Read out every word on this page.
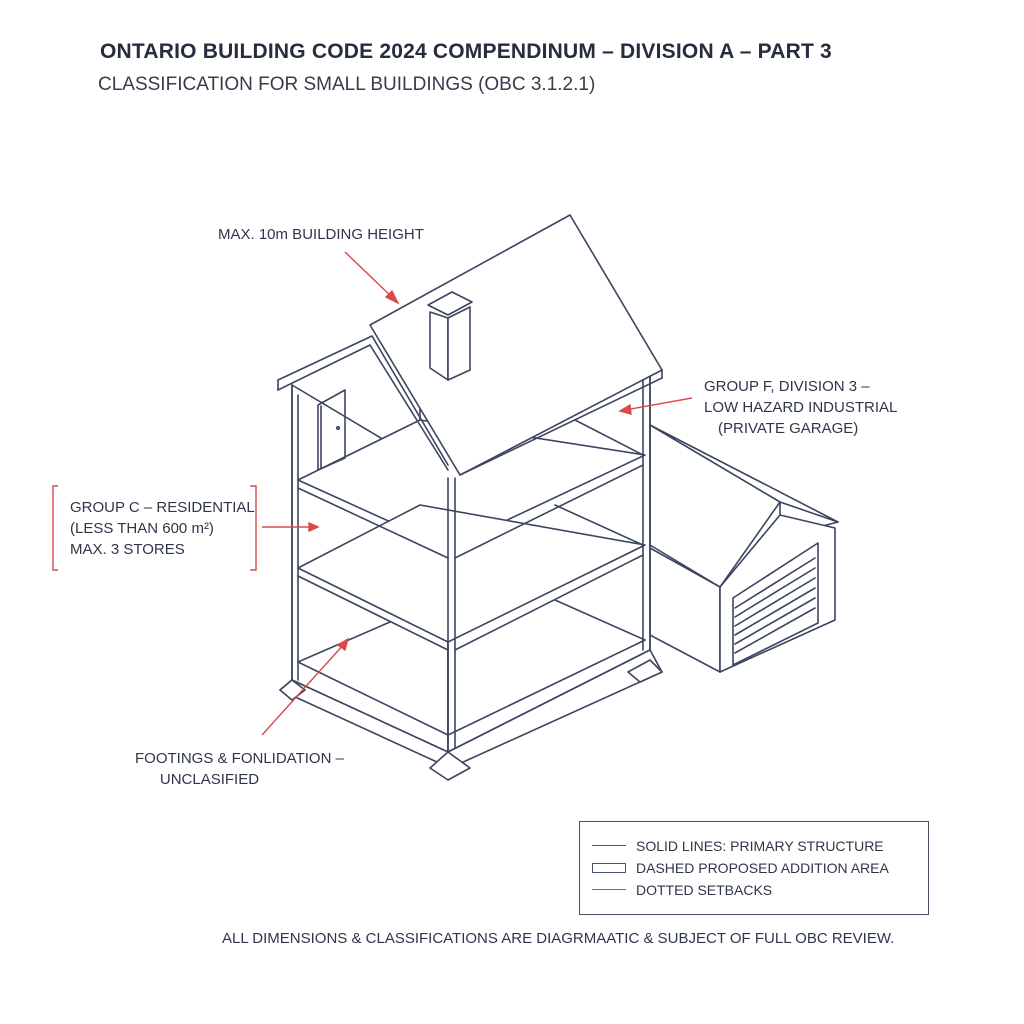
ONTARIO BUILDING CODE 2024 COMPENDINUM – DIVISION A – PART 3
CLASSIFICATION FOR SMALL BUILDINGS (OBC 3.1.2.1)
MAX. 10m BUILDING HEIGHT
GROUP F, DIVISION 3 –
LOW HAZARD INDUSTRIAL
(PRIVATE GARAGE)
GROUP C – RESIDENTIAL
(LESS THAN 600 m²)
MAX. 3 STORES
FOOTINGS & FONLIDATION –
UNCLASIFIED
SOLID LINES: PRIMARY STRUCTURE
DASHED PROPOSED ADDITION AREA
DOTTED SETBACKS
ALL DIMENSIONS & CLASSIFICATIONS ARE DIAGRMAATIC & SUBJECT OF FULL OBC REVIEW.
